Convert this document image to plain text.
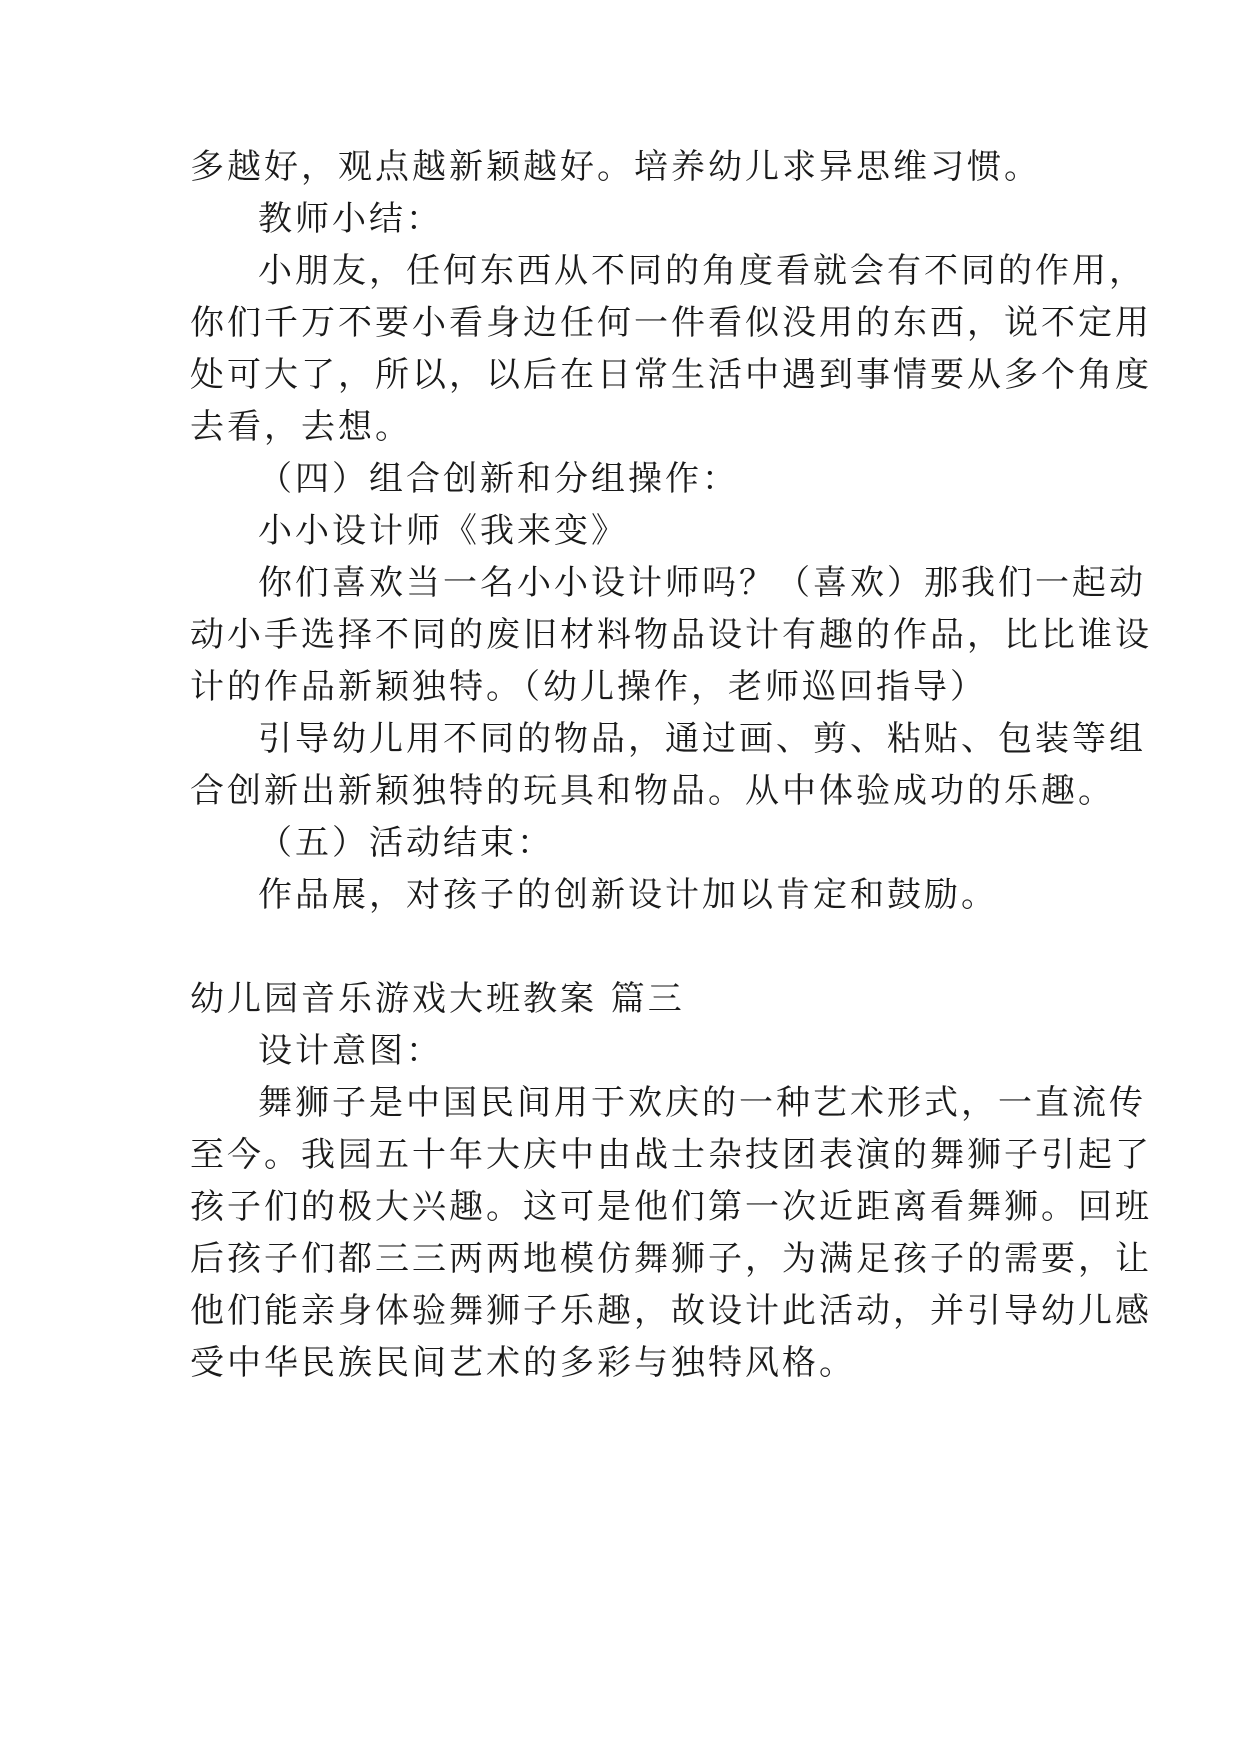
多越好，观点越新颖越好。培养幼儿求异思维习惯。
教师小结：
小朋友，任何东西从不同的角度看就会有不同的作用，
你们千万不要小看身边任何一件看似没用的东西，说不定用
处可大了，所以，以后在日常生活中遇到事情要从多个角度
去看，去想。
（四）组合创新和分组操作：
小小设计师《我来变》
你们喜欢当一名小小设计师吗？（喜欢）那我们一起动
动小手选择不同的废旧材料物品设计有趣的作品，比比谁设
计的作品新颖独特。（幼儿操作，老师巡回指导）
引导幼儿用不同的物品，通过画、剪、粘贴、包装等组
合创新出新颖独特的玩具和物品。从中体验成功的乐趣。
（五）活动结束：
作品展，对孩子的创新设计加以肯定和鼓励。
幼儿园音乐游戏大班教案 篇三
设计意图：
舞狮子是中国民间用于欢庆的一种艺术形式，一直流传
至今。我园五十年大庆中由战士杂技团表演的舞狮子引起了
孩子们的极大兴趣。这可是他们第一次近距离看舞狮。回班
后孩子们都三三两两地模仿舞狮子，为满足孩子的需要，让
他们能亲身体验舞狮子乐趣，故设计此活动，并引导幼儿感
受中华民族民间艺术的多彩与独特风格。
